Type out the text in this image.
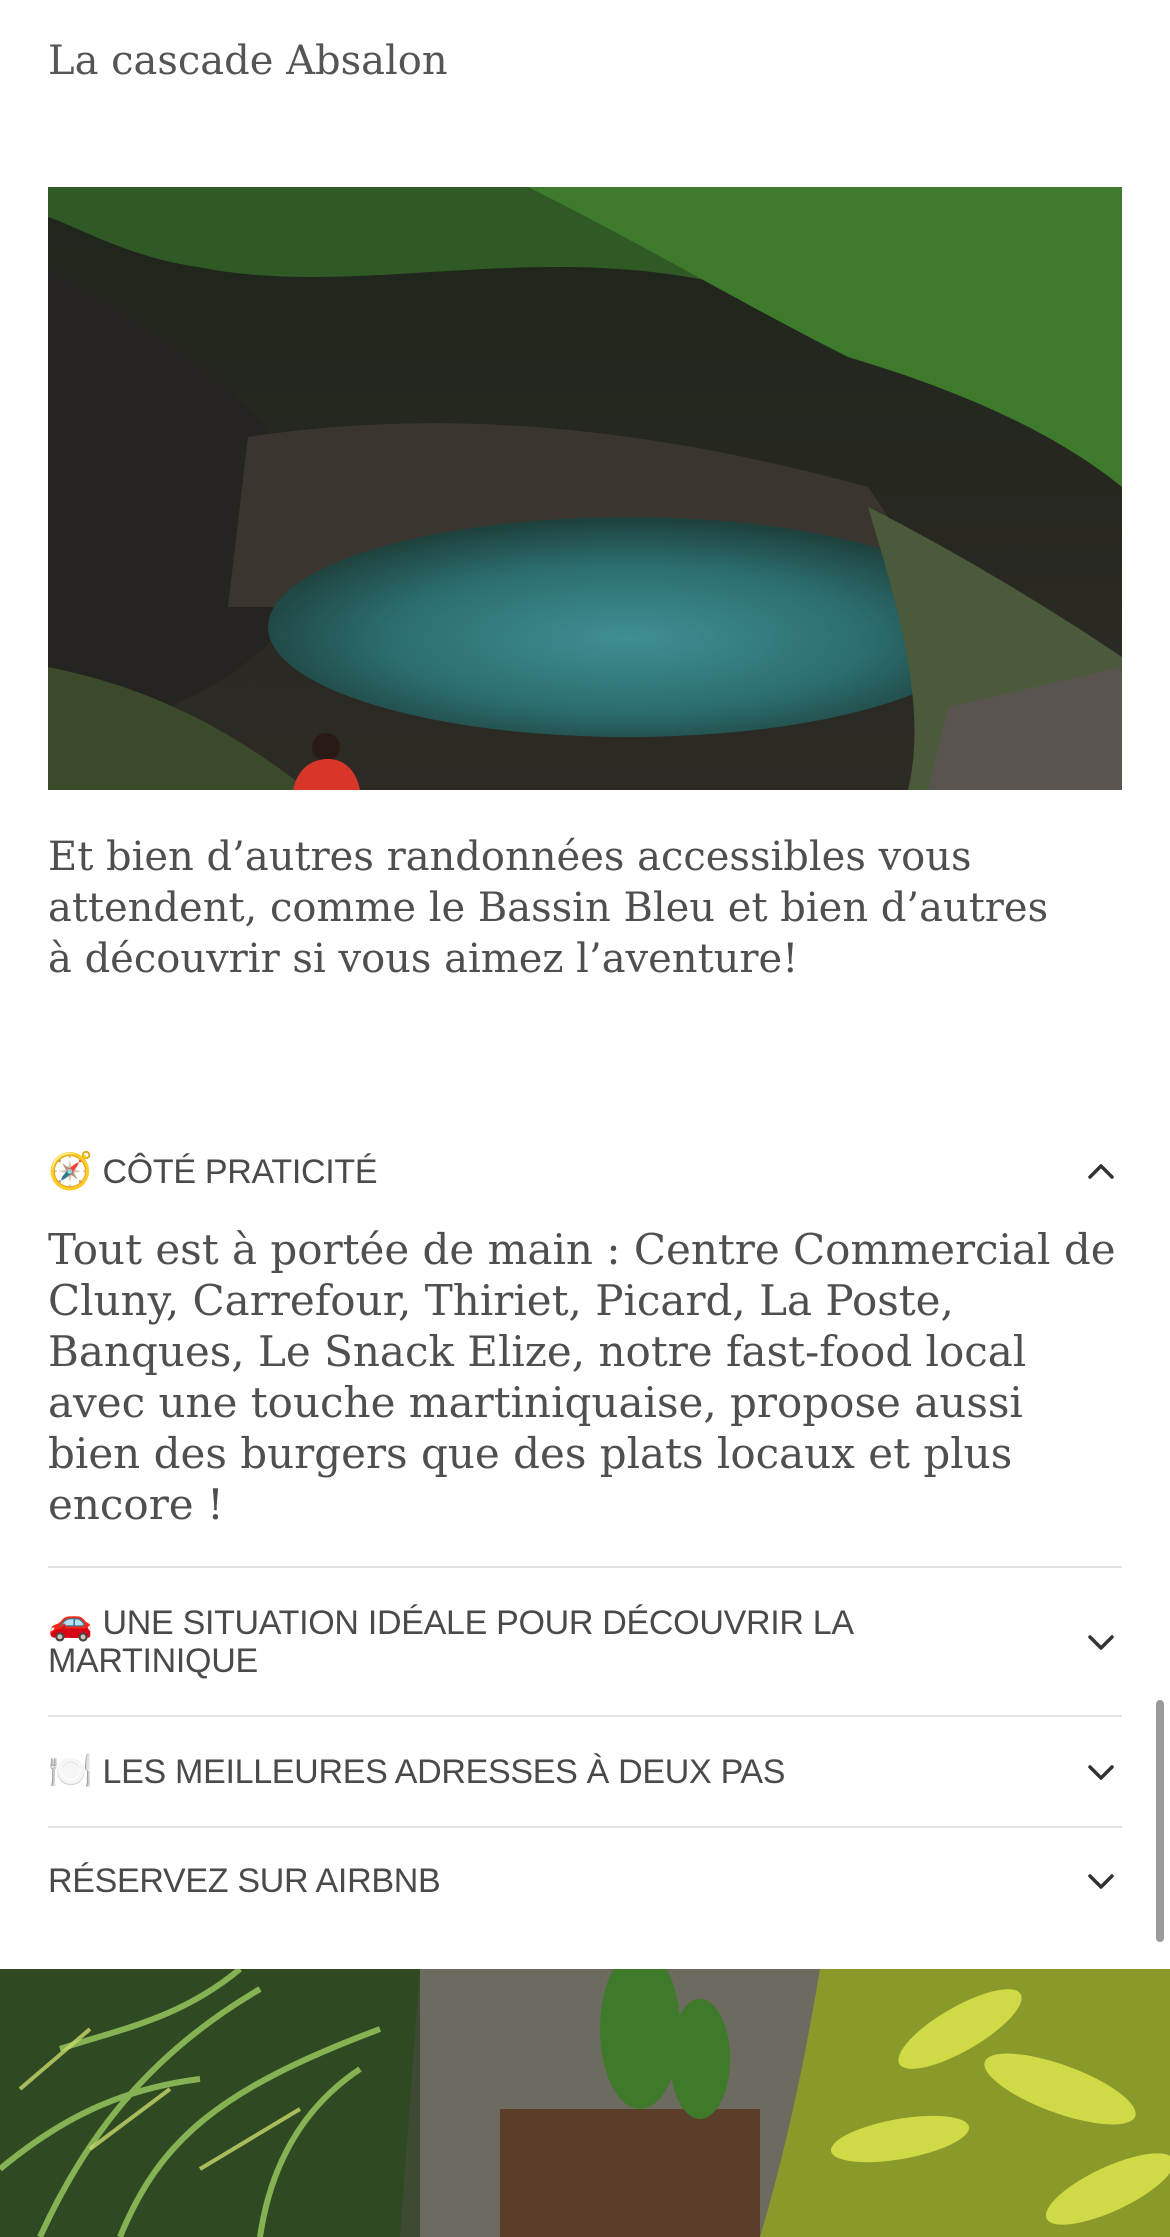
La cascade Absalon

Et bien d’autres randonnées accessibles vous attendent, comme le Bassin Bleu et bien d’autres à découvrir si vous aimez l’aventure!

🧭 CÔTÉ PRATICITÉ

Tout est à portée de main : Centre Commercial de Cluny, Carrefour, Thiriet, Picard, La Poste, Banques, Le Snack Elize, notre fast-food local avec une touche martiniquaise, propose aussi bien des burgers que des plats locaux et plus encore !

🚗 UNE SITUATION IDÉALE POUR DÉCOUVRIR LA MARTINIQUE
🍽️ LES MEILLEURES ADRESSES À DEUX PAS
RÉSERVEZ SUR AIRBNB
